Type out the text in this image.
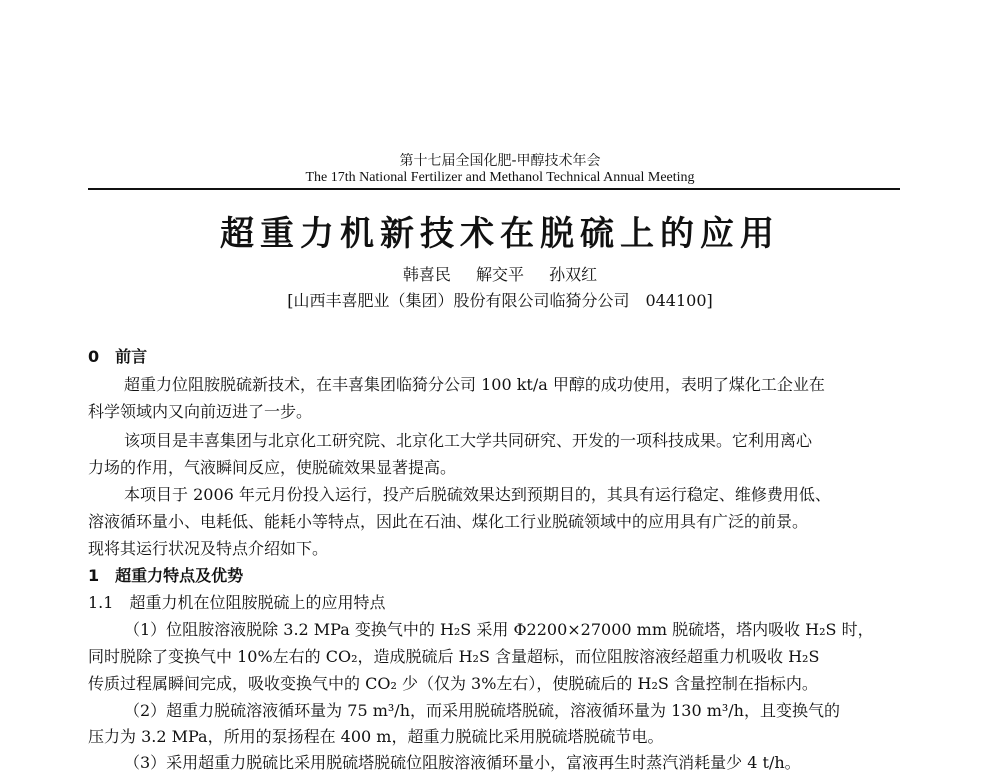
第十七届全国化肥-甲醇技术年会
The 17th National Fertilizer and Methanol Technical Annual Meeting
超重力机新技术在脱硫上的应用
韩喜民 解交平 孙双红
[山西丰喜肥业（集团）股份有限公司临猗分公司　044100]
0　前言
超重力位阻胺脱硫新技术，在丰喜集团临猗分公司 100 kt/a 甲醇的成功使用，表明了煤化工企业在
科学领域内又向前迈进了一步。
该项目是丰喜集团与北京化工研究院、北京化工大学共同研究、开发的一项科技成果。它利用离心
力场的作用，气液瞬间反应，使脱硫效果显著提高。
本项目于 2006 年元月份投入运行，投产后脱硫效果达到预期目的，其具有运行稳定、维修费用低、
溶液循环量小、电耗低、能耗小等特点，因此在石油、煤化工行业脱硫领域中的应用具有广泛的前景。
现将其运行状况及特点介绍如下。
1　超重力特点及优势
1.1　超重力机在位阻胺脱硫上的应用特点
（1）位阻胺溶液脱除 3.2 MPa 变换气中的 H₂S 采用 Φ2200×27000 mm 脱硫塔，塔内吸收 H₂S 时，
同时脱除了变换气中 10%左右的 CO₂，造成脱硫后 H₂S 含量超标，而位阻胺溶液经超重力机吸收 H₂S
传质过程属瞬间完成，吸收变换气中的 CO₂ 少（仅为 3%左右），使脱硫后的 H₂S 含量控制在指标内。
（2）超重力脱硫溶液循环量为 75 m³/h，而采用脱硫塔脱硫，溶液循环量为 130 m³/h，且变换气的
压力为 3.2 MPa，所用的泵扬程在 400 m，超重力脱硫比采用脱硫塔脱硫节电。
（3）采用超重力脱硫比采用脱硫塔脱硫位阻胺溶液循环量小，富液再生时蒸汽消耗量少 4 t/h。
